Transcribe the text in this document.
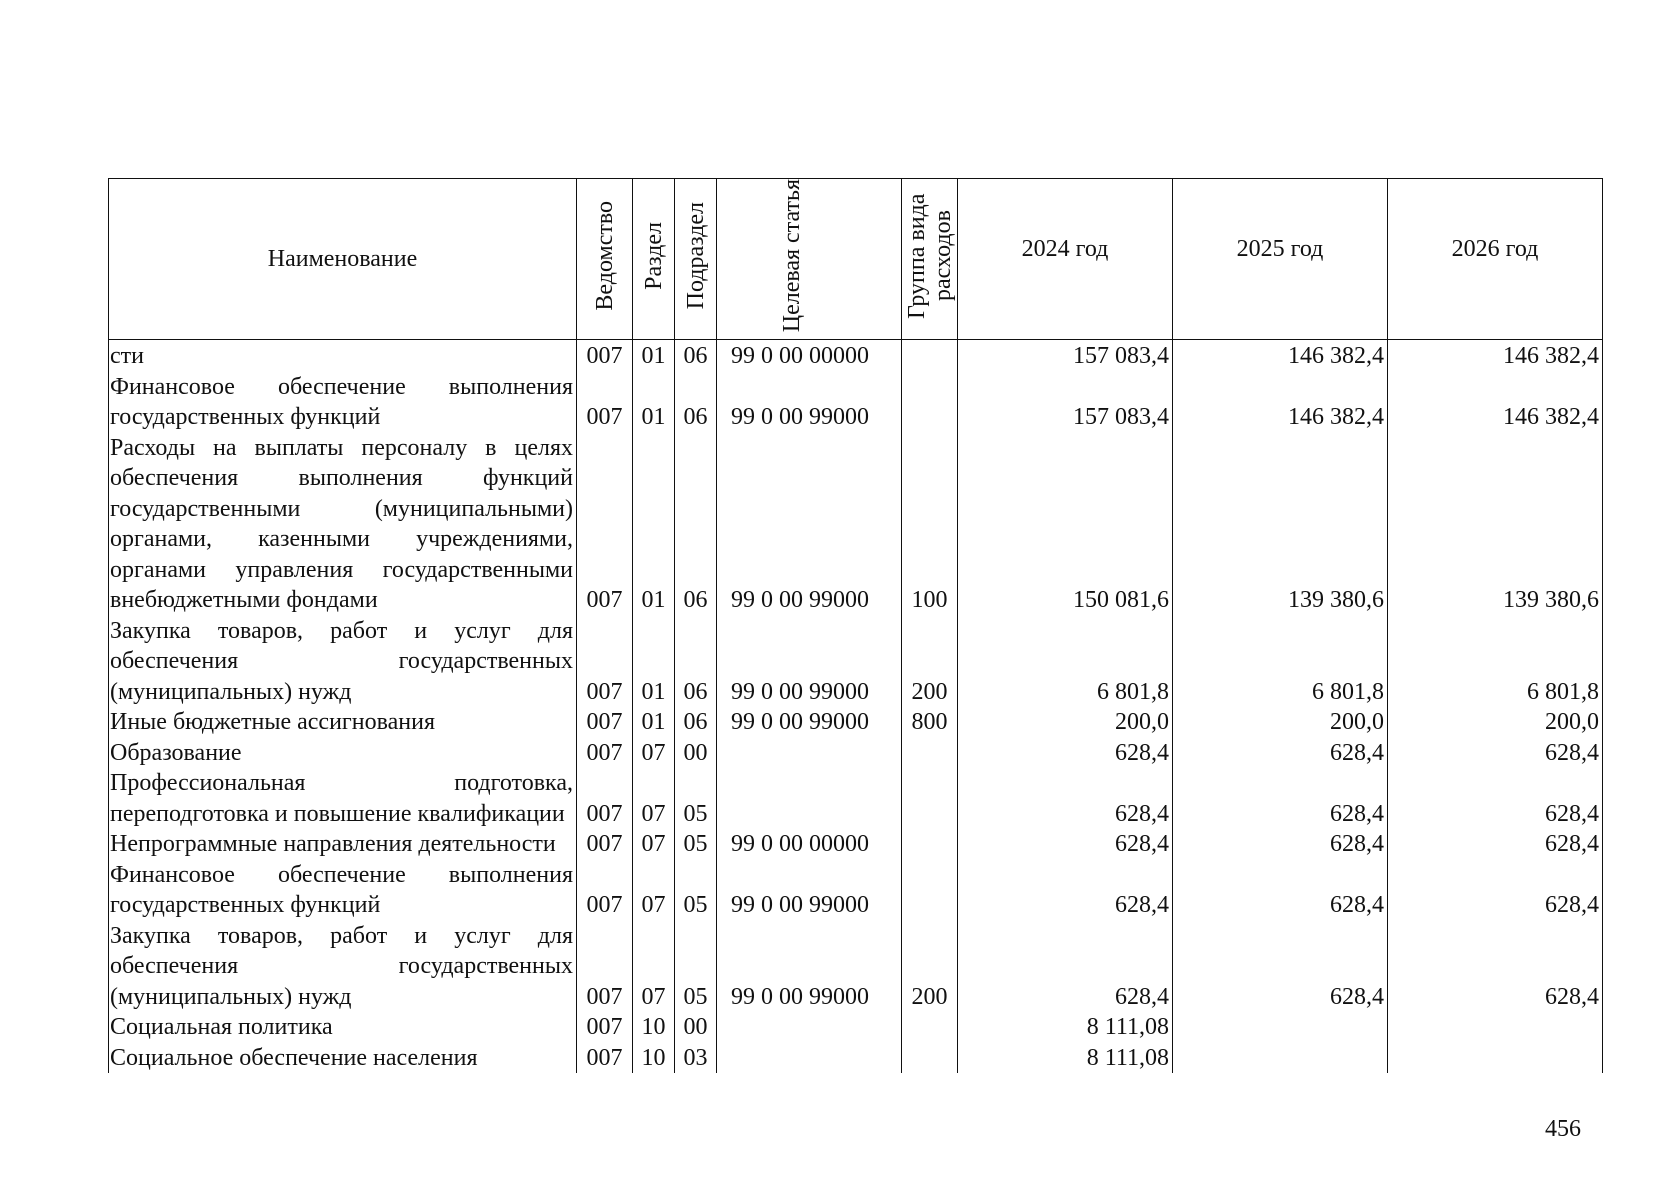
Наименование	Ведомство	Раздел	Подраздел	Целевая статья	Группа вида расходов	2024 год	2025 год	2026 год
сти	007	01	06	99 0 00 00000		157 083,4	146 382,4	146 382,4
Финансовое обеспечение выполнения государственных функций	007	01	06	99 0 00 99000		157 083,4	146 382,4	146 382,4
Расходы на выплаты персоналу в целях обеспечения выполнения функций государственными (муниципальными) органами, казенными учреждениями, органами управления государственными внебюджетными фондами	007	01	06	99 0 00 99000	100	150 081,6	139 380,6	139 380,6
Закупка товаров, работ и услуг для обеспечения государственных (муниципальных) нужд	007	01	06	99 0 00 99000	200	6 801,8	6 801,8	6 801,8
Иные бюджетные ассигнования	007	01	06	99 0 00 99000	800	200,0	200,0	200,0
Образование	007	07	00			628,4	628,4	628,4
Профессиональная подготовка, переподготовка и повышение квалификации	007	07	05			628,4	628,4	628,4
Непрограммные направления деятельности	007	07	05	99 0 00 00000		628,4	628,4	628,4
Финансовое обеспечение выполнения государственных функций	007	07	05	99 0 00 99000		628,4	628,4	628,4
Закупка товаров, работ и услуг для обеспечения государственных (муниципальных) нужд	007	07	05	99 0 00 99000	200	628,4	628,4	628,4
Социальная политика	007	10	00			8 111,08		
Социальное обеспечение населения	007	10	03			8 111,08		
456
